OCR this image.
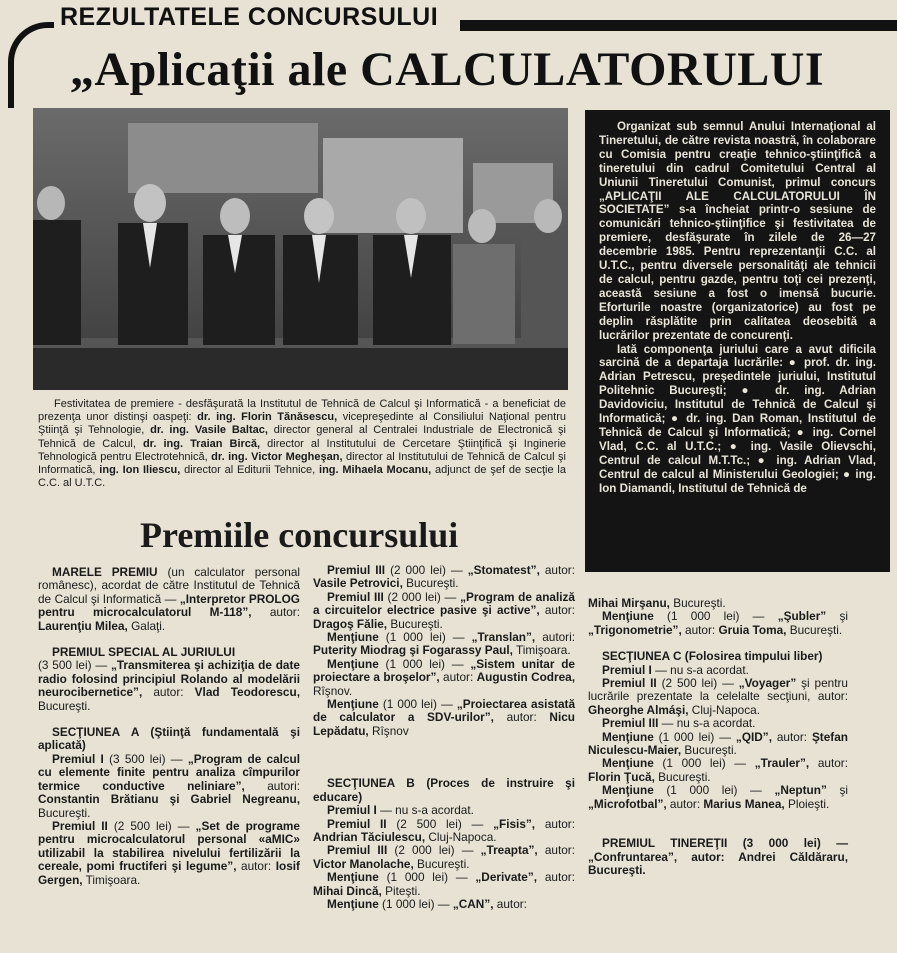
REZULTATELE CONCURSULUI
„Aplicaţii ale CALCULATORULUI

Organizat sub semnul Anului Internaţional al Tineretului, de către revista noastră, în colaborare cu Comisia pentru creaţie tehnico-ştiinţifică a tineretului din cadrul Comitetului Central al Uniunii Tineretului Comunist, primul concurs „APLICAŢII ALE CALCULATORULUI ÎN SOCIETATE” s-a încheiat printr-o sesiune de comunicări tehnico-ştiinţifice şi festivitatea de premiere, desfăşurate în zilele de 26—27 decembrie 1985. Pentru reprezentanţii C.C. al U.T.C., pentru diversele personalităţi ale tehnicii de calcul, pentru gazde, pentru toţi cei prezenţi, această sesiune a fost o imensă bucurie. Eforturile noastre (organizatorice) au fost pe deplin răsplătite prin calitatea deosebită a lucrărilor prezentate de concurenţi.

Iată componenţa juriului care a avut dificila sarcină de a departaja lucrările: ● prof. dr. ing. Adrian Petrescu, preşedintele juriului, Institutul Politehnic Bucureşti; ● dr. ing. Adrian Davidoviciu, Institutul de Tehnică de Calcul şi Informatică; ● dr. ing. Dan Roman, Institutul de Tehnică de Calcul şi Informatică; ● ing. Cornel Vlad, C.C. al U.T.C.; ● ing. Vasile Olievschi, Centrul de calcul M.T.Tc.; ● ing. Adrian Vlad, Centrul de calcul al Ministerului Geologiei; ● ing. Ion Diamandi, Institutul de Tehnică de

Festivitatea de premiere - desfăşurată la Institutul de Tehnică de Calcul şi Informatică - a beneficiat de prezenţa unor distinşi oaspeţi: dr. ing. Florin Tănăsescu, vicepreşedinte al Consiliului Naţional pentru Ştiinţă şi Tehnologie, dr. ing. Vasile Baltac, director general al Centralei Industriale de Electronică şi Tehnică de Calcul, dr. ing. Traian Bircă, director al Institutului de Cercetare Ştiinţifică şi Inginerie Tehnologică pentru Electrotehnică, dr. ing. Victor Megheşan, director al Institutului de Tehnică de Calcul şi Informatică, ing. Ion Iliescu, director al Editurii Tehnice, ing. Mihaela Mocanu, adjunct de şef de secţie la C.C. al U.T.C.

Premiile concursului

MARELE PREMIU (un calculator personal românesc), acordat de către Institutul de Tehnică de Calcul şi Informatică — „Interpretor PROLOG pentru microcalculatorul M-118”, autor: Laurenţiu Milea, Galaţi.

PREMIUL SPECIAL AL JURIULUI

(3 500 lei) — „Transmiterea şi achiziţia de date radio folosind principiul Rolando al modelării neurocibernetice”, autor: Vlad Teodorescu, Bucureşti.

SECŢIUNEA A (Ştiinţă fundamentală şi aplicată)

Premiul I (3 500 lei) — „Program de calcul cu elemente finite pentru analiza cîmpurilor termice conductive neliniare”, autori: Constantin Brătianu şi Gabriel Negreanu, Bucureşti.

Premiul II (2 500 lei) — „Set de programe pentru microcalculatorul personal «aMIC» utilizabil la stabilirea nivelului fertilizării la cereale, pomi fructiferi şi legume”, autor: Iosif Gergen, Timişoara.

Premiul III (2 000 lei) — „Stomatest”, autor: Vasile Petrovici, Bucureşti.

Premiul III (2 000 lei) — „Program de analiză a circuitelor electrice pasive şi active”, autor: Dragoş Fălie, Bucureşti.

Menţiune (1 000 lei) — „Translan”, autori: Puterity Miodrag şi Fogarassy Paul, Timişoara.

Menţiune (1 000 lei) — „Sistem unitar de proiectare a broşelor”, autor: Augustin Codrea, Rîşnov.

Menţiune (1 000 lei) — „Proiectarea asistată de calculator a SDV-urilor”, autor: Nicu Lepădatu, Rîşnov

SECŢIUNEA B (Proces de instruire şi educare)

Premiul I — nu s-a acordat.

Premiul II (2 500 lei) — „Fisis”, autor: Andrian Tăciulescu, Cluj-Napoca.

Premiul III (2 000 lei) — „Treapta”, autor: Victor Manolache, Bucureşti.

Menţiune (1 000 lei) — „Derivate”, autor: Mihai Dincă, Piteşti.

Menţiune (1 000 lei) — „CAN”, autor:

Mihai Mirşanu, Bucureşti.

Menţiune (1 000 lei) — „Şubler” şi „Trigonometrie”, autor: Gruia Toma, Bucureşti.

SECŢIUNEA C (Folosirea timpului liber)

Premiul I — nu s-a acordat.

Premiul II (2 500 lei) — „Voyager” şi pentru lucrările prezentate la celelalte secţiuni, autor: Gheorghe Almáşi, Cluj-Napoca.

Premiul III — nu s-a acordat.

Menţiune (1 000 lei) — „QID”, autor: Ştefan Niculescu-Maier, Bucureşti.

Menţiune (1 000 lei) — „Trauler”, autor: Florin Ţucă, Bucureşti.

Menţiune (1 000 lei) — „Neptun” şi „Microfotbal”, autor: Marius Manea, Ploieşti.

PREMIUL TINEREŢII (3 000 lei) — „Confruntarea”, autor: Andrei Căldăraru, Bucureşti.
